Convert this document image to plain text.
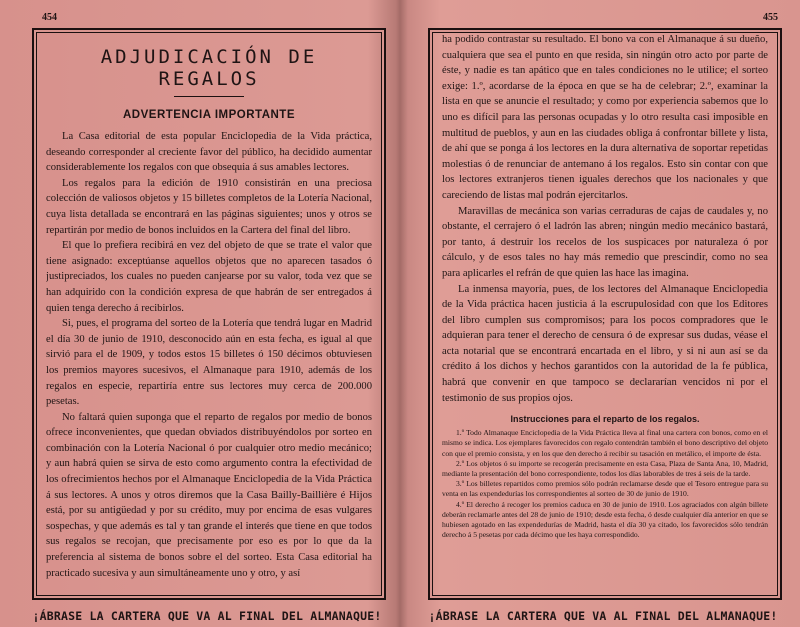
454
ADJUDICACIÓN DE REGALOS
ADVERTENCIA IMPORTANTE

La Casa editorial de esta popular Enciclopedia de la Vida práctica, deseando corresponder al creciente favor del público, ha decidido aumentar considerablemente los regalos con que obsequia á sus amables lectores.

Los regalos para la edición de 1910 consistirán en una preciosa colección de valiosos objetos y 15 billetes completos de la Lotería Nacional, cuya lista detallada se encontrará en las páginas siguientes; unos y otros se repartirán por medio de bonos incluidos en la Cartera del final del libro.

El que lo prefiera recibirá en vez del objeto de que se trate el valor que tiene asignado: exceptúanse aquellos objetos que no aparecen tasados ó justipreciados, los cuales no pueden canjearse por su valor, toda vez que se han adquirido con la condición expresa de que habrán de ser entregados á quien tenga derecho á recibirlos.

Si, pues, el programa del sorteo de la Lotería que tendrá lugar en Madrid el día 30 de junio de 1910, desconocido aún en esta fecha, es igual al que sirvió para el de 1909, y todos estos 15 billetes ó 150 décimos obtuviesen los premios mayores sucesivos, el Almanaque para 1910, además de los regalos en especie, repartiría entre sus lectores muy cerca de 200.000 pesetas.

No faltará quien suponga que el reparto de regalos por medio de bonos ofrece inconvenientes, que quedan obviados distribuyéndolos por sorteo en combinación con la Lotería Nacional ó por cualquier otro medio mecánico; y aun habrá quien se sirva de esto como argumento contra la efectividad de los ofrecimientos hechos por el Almanaque Enciclopedia de la Vida Práctica á sus lectores. A unos y otros diremos que la Casa Bailly-Baillière é Hijos está, por su antigüedad y por su crédito, muy por encima de esas vulgares sospechas, y que además es tal y tan grande el interés que tiene en que todos sus regalos se recojan, que precisamente por eso es por lo que da la preferencia al sistema de bonos sobre el del sorteo. Esta Casa editorial ha practicado sucesiva y aun simultáneamente uno y otro, y así

¡ÁBRASE LA CARTERA QUE VA AL FINAL DEL ALMANAQUE!
455

ha podido contrastar su resultado. El bono va con el Almanaque á su dueño, cualquiera que sea el punto en que resida, sin ningún otro acto por parte de éste, y nadie es tan apático que en tales condiciones no le utilice; el sorteo exige: 1.º, acordarse de la época en que se ha de celebrar; 2.º, examinar la lista en que se anuncie el resultado; y como por experiencia sabemos que lo uno es difícil para las personas ocupadas y lo otro resulta casi imposible en multitud de pueblos, y aun en las ciudades obliga á confrontar billete y lista, de ahí que se ponga á los lectores en la dura alternativa de soportar repetidas molestias ó de renunciar de antemano á los regalos. Esto sin contar con que los lectores extranjeros tienen iguales derechos que los nacionales y que careciendo de listas mal podrán ejercitarlos.

Maravillas de mecánica son varias cerraduras de cajas de caudales y, no obstante, el cerrajero ó el ladrón las abren; ningún medio mecánico bastará, por tanto, á destruir los recelos de los suspicaces por naturaleza ó por cálculo, y de esos tales no hay más remedio que prescindir, como no sea para aplicarles el refrán de que quien las hace las imagina.

La inmensa mayoría, pues, de los lectores del Almanaque Enciclopedia de la Vida práctica hacen justicia á la escrupulosidad con que los Editores del libro cumplen sus compromisos; para los pocos compradores que le adquieran para tener el derecho de censura ó de expresar sus dudas, véase el acta notarial que se encontrará encartada en el libro, y si ni aun así se da crédito á los dichos y hechos garantidos con la autoridad de la fe pública, habrá que convenir en que tampoco se declararían vencidos ni por el testimonio de sus propios ojos.

Instrucciones para el reparto de los regalos.

1.º Todo Almanaque Enciclopedia de la Vida Práctica lleva al final una cartera con bonos, como en el mismo se indica. Los ejemplares favorecidos con regalo contendrán también el bono descriptivo del objeto con que el premio consista, y en los que den derecho á recibir su tasación en metálico, el importe de ésta.

2.º Los objetos ó su importe se recogerán precisamente en esta Casa, Plaza de Santa Ana, 10, Madrid, mediante la presentación del bono correspondiente, todos los días laborables de tres á seis de la tarde.

3.º Los billetes repartidos como premios sólo podrán reclamarse desde que el Tesoro entregue para su venta en las expendedurías los correspondientes al sorteo de 30 de junio de 1910.

4.º El derecho á recoger los premios caduca en 30 de junio de 1910. Los agraciados con algún billete deberán reclamarle antes del 28 de junio de 1910; desde esta fecha, ó desde cualquier día anterior en que se hubiesen agotado en las expendedurías de Madrid, hasta el día 30 ya citado, los favorecidos sólo tendrán derecho á 5 pesetas por cada décimo que les haya correspondido.

¡ÁBRASE LA CARTERA QUE VA AL FINAL DEL ALMANAQUE!
